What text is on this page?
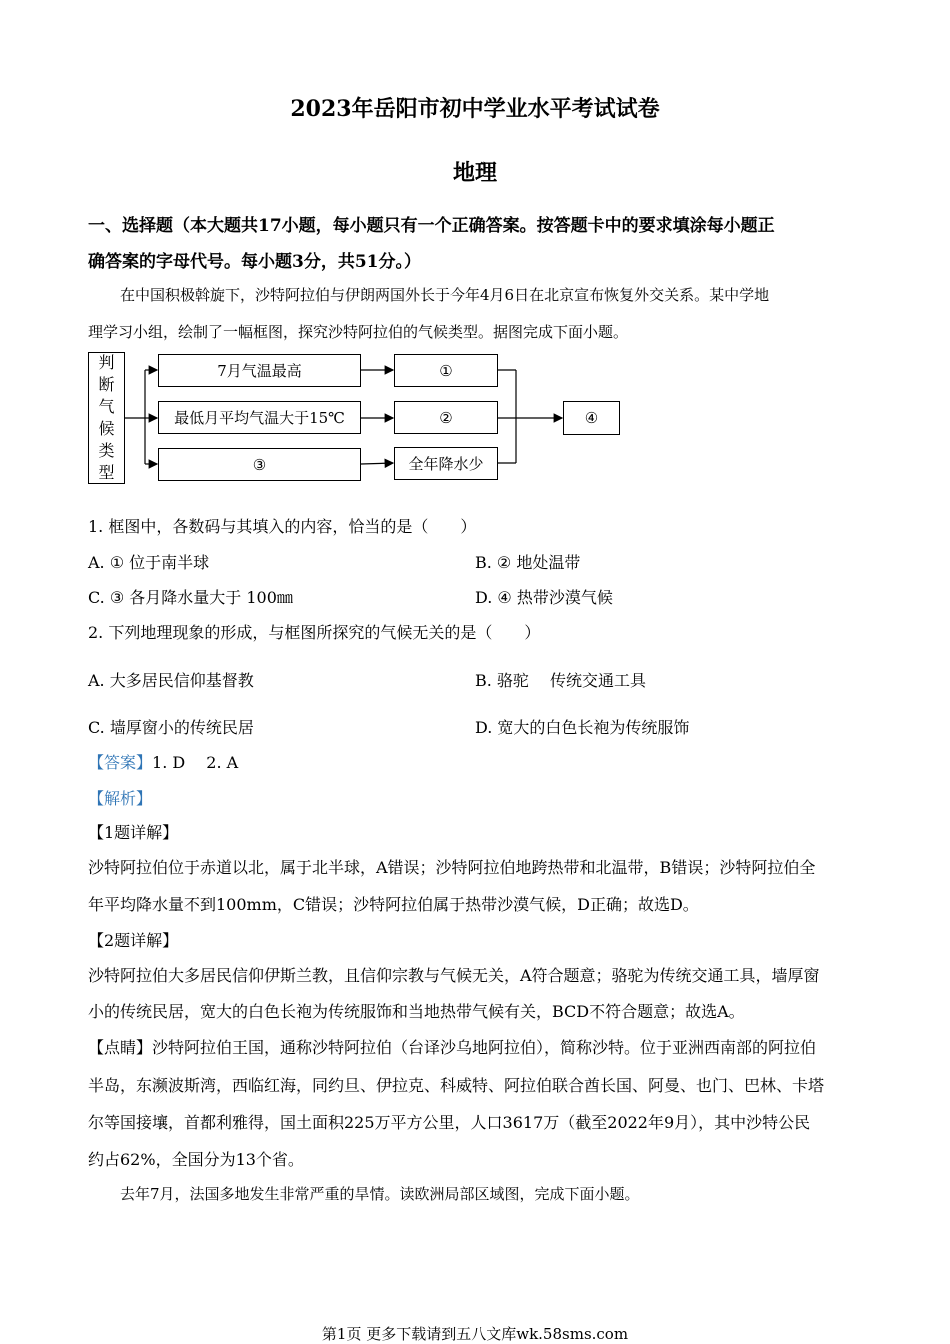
2023年岳阳市初中学业水平考试试卷
地理
一、选择题（本大题共17小题，每小题只有一个正确答案。按答题卡中的要求填涂每小题正
确答案的字母代号。每小题3分，共51分。）
在中国积极斡旋下，沙特阿拉伯与伊朗两国外长于今年4月6日在北京宣布恢复外交关系。某中学地
理学习小组，绘制了一幅框图，探究沙特阿拉伯的气候类型。据图完成下面小题。
判
断
气
候
类
型
7月气温最高
最低月平均气温大于15℃
③
①
②
全年降水少
④
1. 框图中，各数码与其填入的内容，恰当的是（　　）
A. ① 位于南半球	B. ② 地处温带
C. ③ 各月降水量大于 100㎜	D. ④ 热带沙漠气候
2. 下列地理现象的形成，与框图所探究的气候无关的是（　　）
A. 大多居民信仰基督教	B. 骆驼　 传统交通工具
C. 墙厚窗小的传统民居	D. 宽大的白色长袍为传统服饰
【答案】1. D　 2. A
【解析】
【1题详解】
沙特阿拉伯位于赤道以北，属于北半球，A错误；沙特阿拉伯地跨热带和北温带，B错误；沙特阿拉伯全
年平均降水量不到100mm，C错误；沙特阿拉伯属于热带沙漠气候，D正确；故选D。
【2题详解】
沙特阿拉伯大多居民信仰伊斯兰教，且信仰宗教与气候无关，A符合题意；骆驼为传统交通工具，墙厚窗
小的传统民居，宽大的白色长袍为传统服饰和当地热带气候有关，BCD不符合题意；故选A。
【点睛】沙特阿拉伯王国，通称沙特阿拉伯（台译沙乌地阿拉伯），简称沙特。位于亚洲西南部的阿拉伯
半岛，东濒波斯湾，西临红海，同约旦、伊拉克、科威特、阿拉伯联合酋长国、阿曼、也门、巴林、卡塔
尔等国接壤，首都利雅得，国土面积225万平方公里，人口3617万（截至2022年9月），其中沙特公民
约占62%，全国分为13个省。
去年7月，法国多地发生非常严重的旱情。读欧洲局部区域图，完成下面小题。
第1页 更多下载请到五八文库wk.58sms.com
